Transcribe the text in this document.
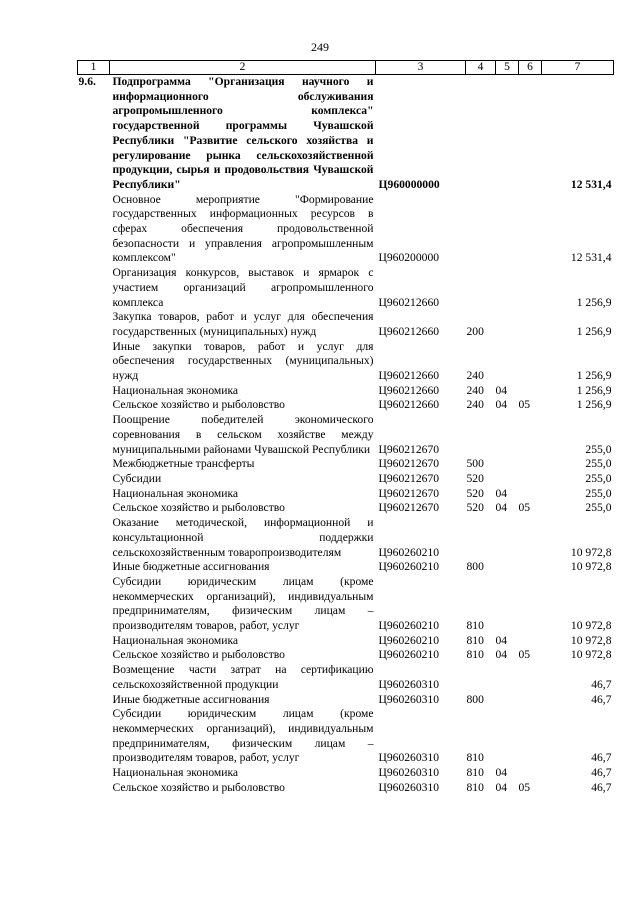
249
1	2	3	4	5	6	7
9.6.	Подпрограмма "Организация научного и информационного обслуживания агропромышленного комплекса" государственной программы Чувашской Республики "Развитие сельского хозяйства и регулирование рынка сельскохозяйственной продукции, сырья и продовольствия Чувашской Республики"	Ц960000000				12 531,4
	Основное мероприятие "Формирование государственных информационных ресурсов в сферах обеспечения продовольственной безопасности и управления агропромышленным комплексом"	Ц960200000				12 531,4
	Организация конкурсов, выставок и ярмарок с участием организаций агропромышленного комплекса	Ц960212660				1 256,9
	Закупка товаров, работ и услуг для обеспечения государственных (муниципальных) нужд	Ц960212660	200			1 256,9
	Иные закупки товаров, работ и услуг для обеспечения государственных (муниципальных) нужд	Ц960212660	240			1 256,9
	Национальная экономика	Ц960212660	240	04		1 256,9
	Сельское хозяйство и рыболовство	Ц960212660	240	04	05	1 256,9
	Поощрение победителей экономического соревнования в сельском хозяйстве между муниципальными районами Чувашской Республики	Ц960212670				255,0
	Межбюджетные трансферты	Ц960212670	500			255,0
	Субсидии	Ц960212670	520			255,0
	Национальная экономика	Ц960212670	520	04		255,0
	Сельское хозяйство и рыболовство	Ц960212670	520	04	05	255,0
	Оказание методической, информационной и консультационной поддержки сельскохозяйственным товаропроизводителям	Ц960260210				10 972,8
	Иные бюджетные ассигнования	Ц960260210	800			10 972,8
	Субсидии юридическим лицам (кроме некоммерческих организаций), индивидуальным предпринимателям, физическим лицам – производителям товаров, работ, услуг	Ц960260210	810			10 972,8
	Национальная экономика	Ц960260210	810	04		10 972,8
	Сельское хозяйство и рыболовство	Ц960260210	810	04	05	10 972,8
	Возмещение части затрат на сертификацию сельскохозяйственной продукции	Ц960260310				46,7
	Иные бюджетные ассигнования	Ц960260310	800			46,7
	Субсидии юридическим лицам (кроме некоммерческих организаций), индивидуальным предпринимателям, физическим лицам – производителям товаров, работ, услуг	Ц960260310	810			46,7
	Национальная экономика	Ц960260310	810	04		46,7
	Сельское хозяйство и рыболовство	Ц960260310	810	04	05	46,7
